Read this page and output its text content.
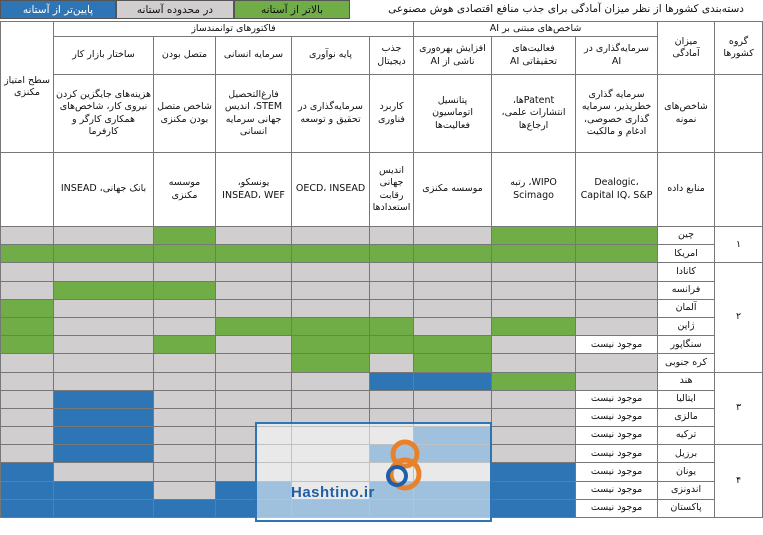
پایین‌تر از آستانه	در محدوده آستانه	بالاتر از آستانه	دسته‌بندی کشورها از نظر میزان آمادگی برای جذب منافع اقتصادی هوش مصنوعی
گروه کشورها	میزان آمادگی	شاخص‌های مبتنی بر AI			فاکتورهای توانمندساز					سطح امتیاز مکنزی	
		سرمایه‌گذاری در AI	فعالیت‌های تحقیقاتی AI	افزایش بهره‌وری ناشی از AI	جذب دیجیتال	پایه نوآوری	سرمایه انسانی	متصل بودن	ساختار بازار کار		
	شاخص‌های نمونه	سرمایه گذاری خطرپذیر، سرمایه گذاری خصوصی، ادغام و مالکیت	Patentها، انتشارات علمی، ارجاع‌ها	پتانسیل اتوماسیون فعالیت‌ها	کاربرد فناوری	سرمایه‌گذاری در تحقیق و توسعه	فارغ‌التحصیل STEM، اندیس جهانی سرمایه انسانی	شاخص متصل بودن مکنزی	هزینه‌های جایگزین کردن نیروی کار، شاخص‌های همکاری کارگر و کارفرما		
	منابع داده	Dealogic، Capital IQ، S&P	WIPO، رتبه Scimago	موسسه مکنزی	اندیس جهانی رقابت استعدادها	OECD، INSEAD	یونسکو، INSEAD، WEF	موسسه مکنزی	بانک جهانی، INSEAD		
۱	چین										
	امریکا										
۲	کانادا										
	فرانسه										
	آلمان										
	ژاپن										
	سنگاپور	موجود نیست									
	کره جنوبی										
۳	هند										
	ایتالیا	موجود نیست									
	مالزی	موجود نیست									
	ترکیه	موجود نیست									
۴	برزیل	موجود نیست									
	یونان	موجود نیست									
	اندونزی	موجود نیست									
	پاکستان	موجود نیست									
Hashtino.ir
